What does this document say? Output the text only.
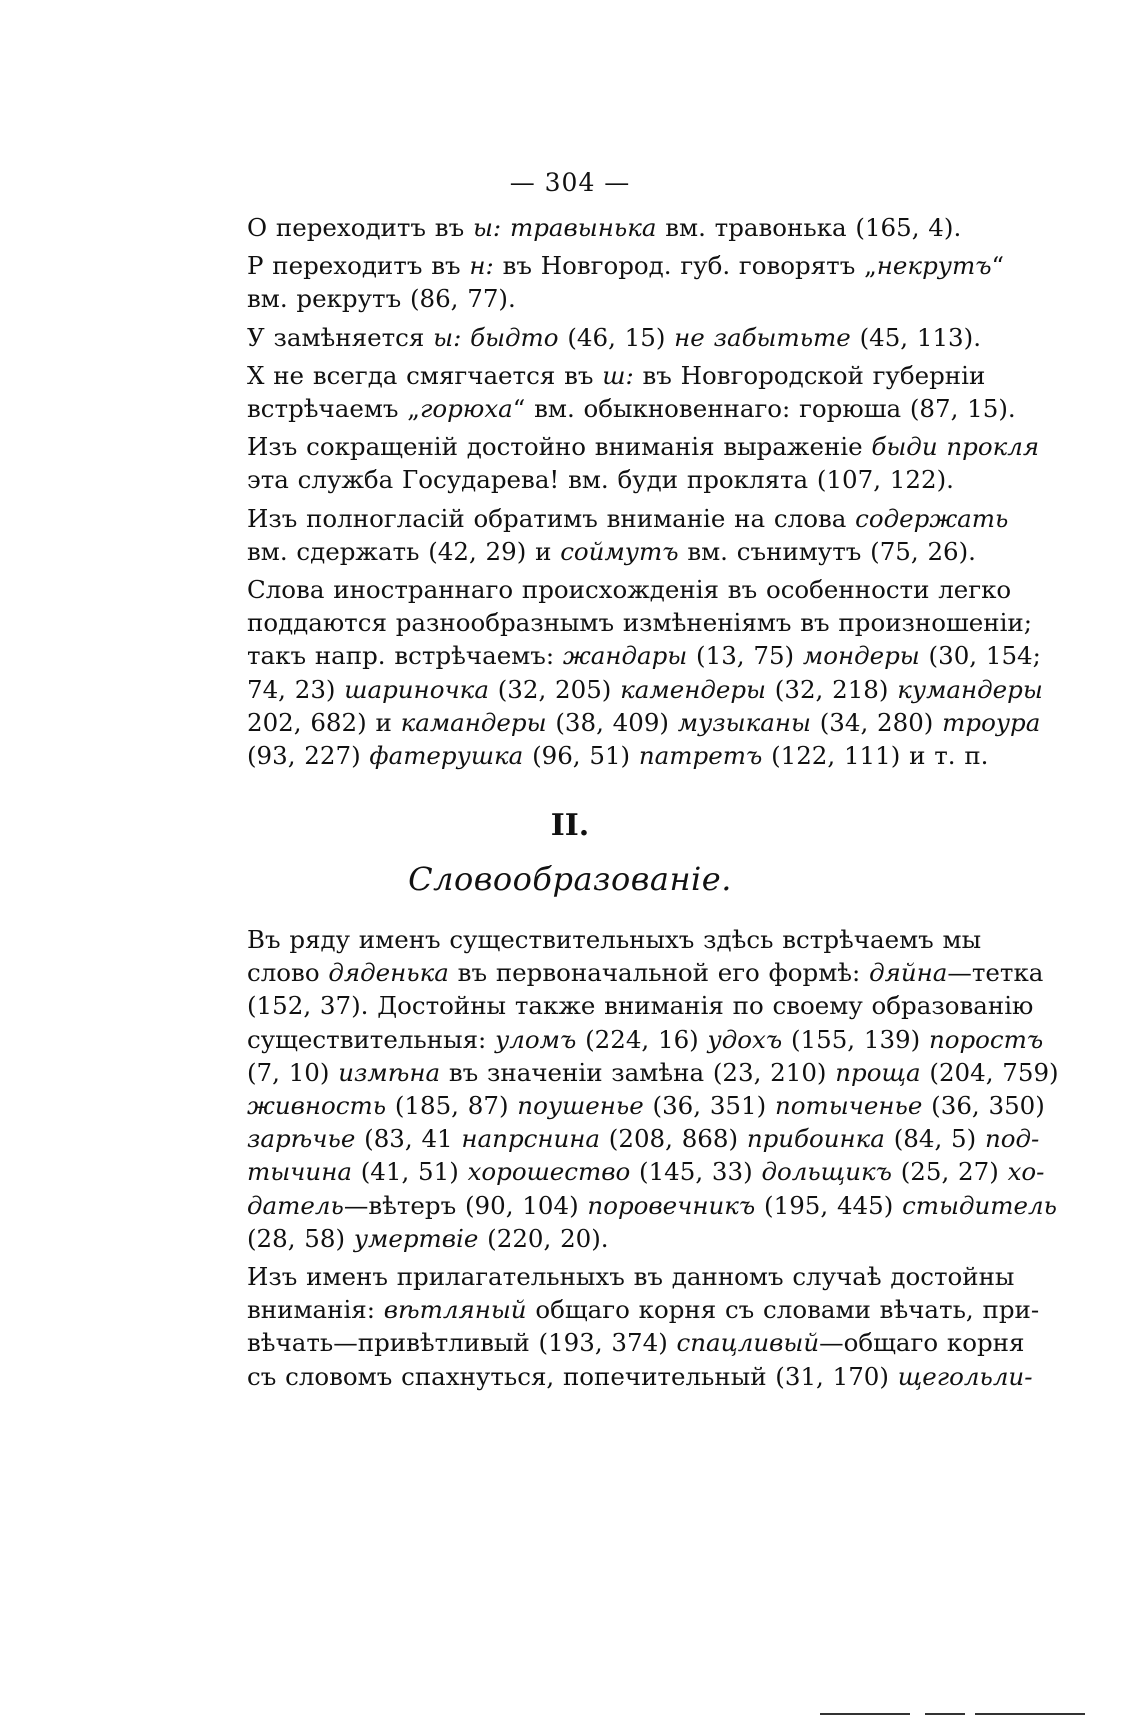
— 304 —
О переходитъ въ ы: травынька вм. травонька (165, 4).
Р переходитъ въ н: въ Новгород. губ. говорятъ „некрутъ“
вм. рекрутъ (86, 77).
У замѣняется ы: быдто (46, 15) не забытьте (45, 113).
X не всегда смягчается въ ш: въ Новгородской губерніи
встрѣчаемъ „горюха“ вм. обыкновеннаго: горюша (87, 15).
Изъ сокращеній достойно вниманія выраженіе быди прокля
эта служба Государева! вм. буди проклята (107, 122).
Изъ полногласій обратимъ вниманіе на слова содержать
вм. сдержать (42, 29) и соймутъ вм. сънимутъ (75, 26).
Слова иностраннаго происхожденія въ особенности легко
поддаются разнообразнымъ измѣненіямъ въ произношеніи;
такъ напр. встрѣчаемъ: жандары (13, 75) мондеры (30, 154;
74, 23) шариночка (32, 205) камендеры (32, 218) кумандеры
202, 682) и камандеры (38, 409) музыканы (34, 280) троура
(93, 227) фатерушка (96, 51) патретъ (122, 111) и т. п.
II.
Словообразованіе.
Въ ряду именъ существительныхъ здѣсь встрѣчаемъ мы
слово дяденька въ первоначальной его формѣ: дяйна—тетка
(152, 37). Достойны также вниманія по своему образованію
существительныя: уломъ (224, 16) удохъ (155, 139) поростъ
(7, 10) измѣна въ значеніи замѣна (23, 210) проща (204, 759)
живность (185, 87) поушенье (36, 351) потыченье (36, 350)
зарѣчье (83, 41 напрснина (208, 868) прибоинка (84, 5) под-
тычина (41, 51) хорошество (145, 33) дольщикъ (25, 27) хо-
датель—вѣтеръ (90, 104) поровечникъ (195, 445) стыдитель
(28, 58) умертвіе (220, 20).
Изъ именъ прилагательныхъ въ данномъ случаѣ достойны
вниманія: вѣтляный общаго корня съ словами вѣчать, при-
вѣчать—привѣтливый (193, 374) спацливый—общаго корня
съ словомъ спахнуться, попечительный (31, 170) щегольли-
